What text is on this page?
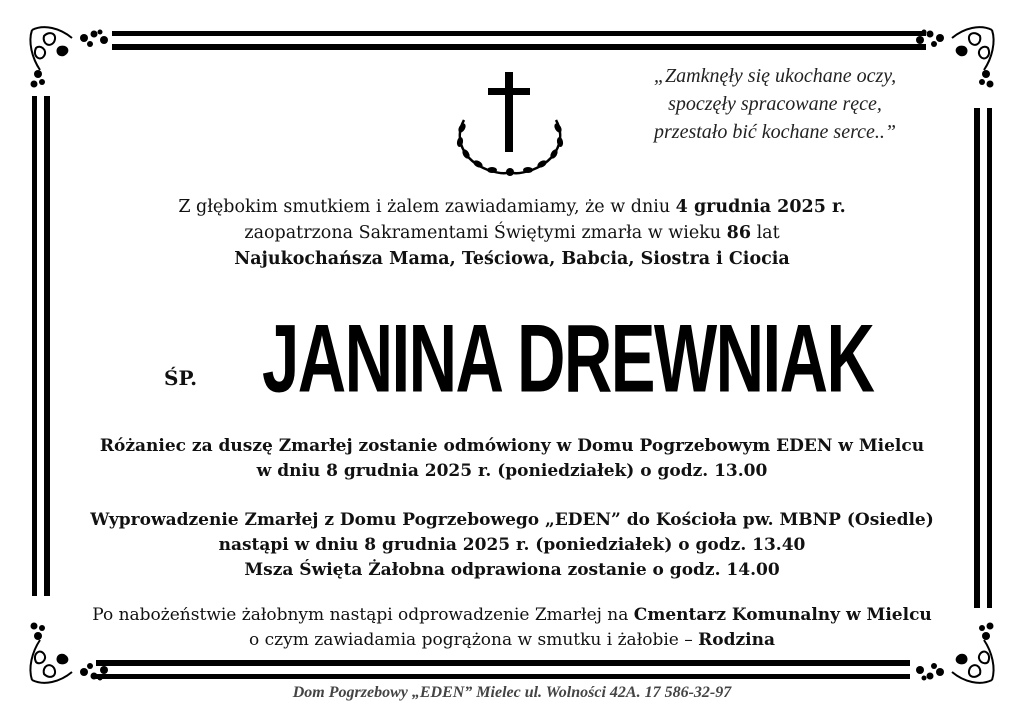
„Zamknęły się ukochane oczy,
spoczęły spracowane ręce,
przestało bić kochane serce..”
Z głębokim smutkiem i żalem zawiadamiamy, że w dniu 4 grudnia 2025 r.
zaopatrzona Sakramentami Świętymi zmarła w wieku 86 lat
Najukochańsza Mama, Teściowa, Babcia, Siostra i Ciocia
ŚP. JANINA DREWNIAK
Różaniec za duszę Zmarłej zostanie odmówiony w Domu Pogrzebowym EDEN w Mielcu
w dniu 8 grudnia 2025 r. (poniedziałek) o godz. 13.00
Wyprowadzenie Zmarłej z Domu Pogrzebowego „EDEN” do Kościoła pw. MBNP (Osiedle)
nastąpi w dniu 8 grudnia 2025 r. (poniedziałek) o godz. 13.40
Msza Święta Żałobna odprawiona zostanie o godz. 14.00
Po nabożeństwie żałobnym nastąpi odprowadzenie Zmarłej na Cmentarz Komunalny w Mielcu
o czym zawiadamia pogrążona w smutku i żałobie – Rodzina
Dom Pogrzebowy „EDEN” Mielec ul. Wolności 42A. 17 586-32-97
